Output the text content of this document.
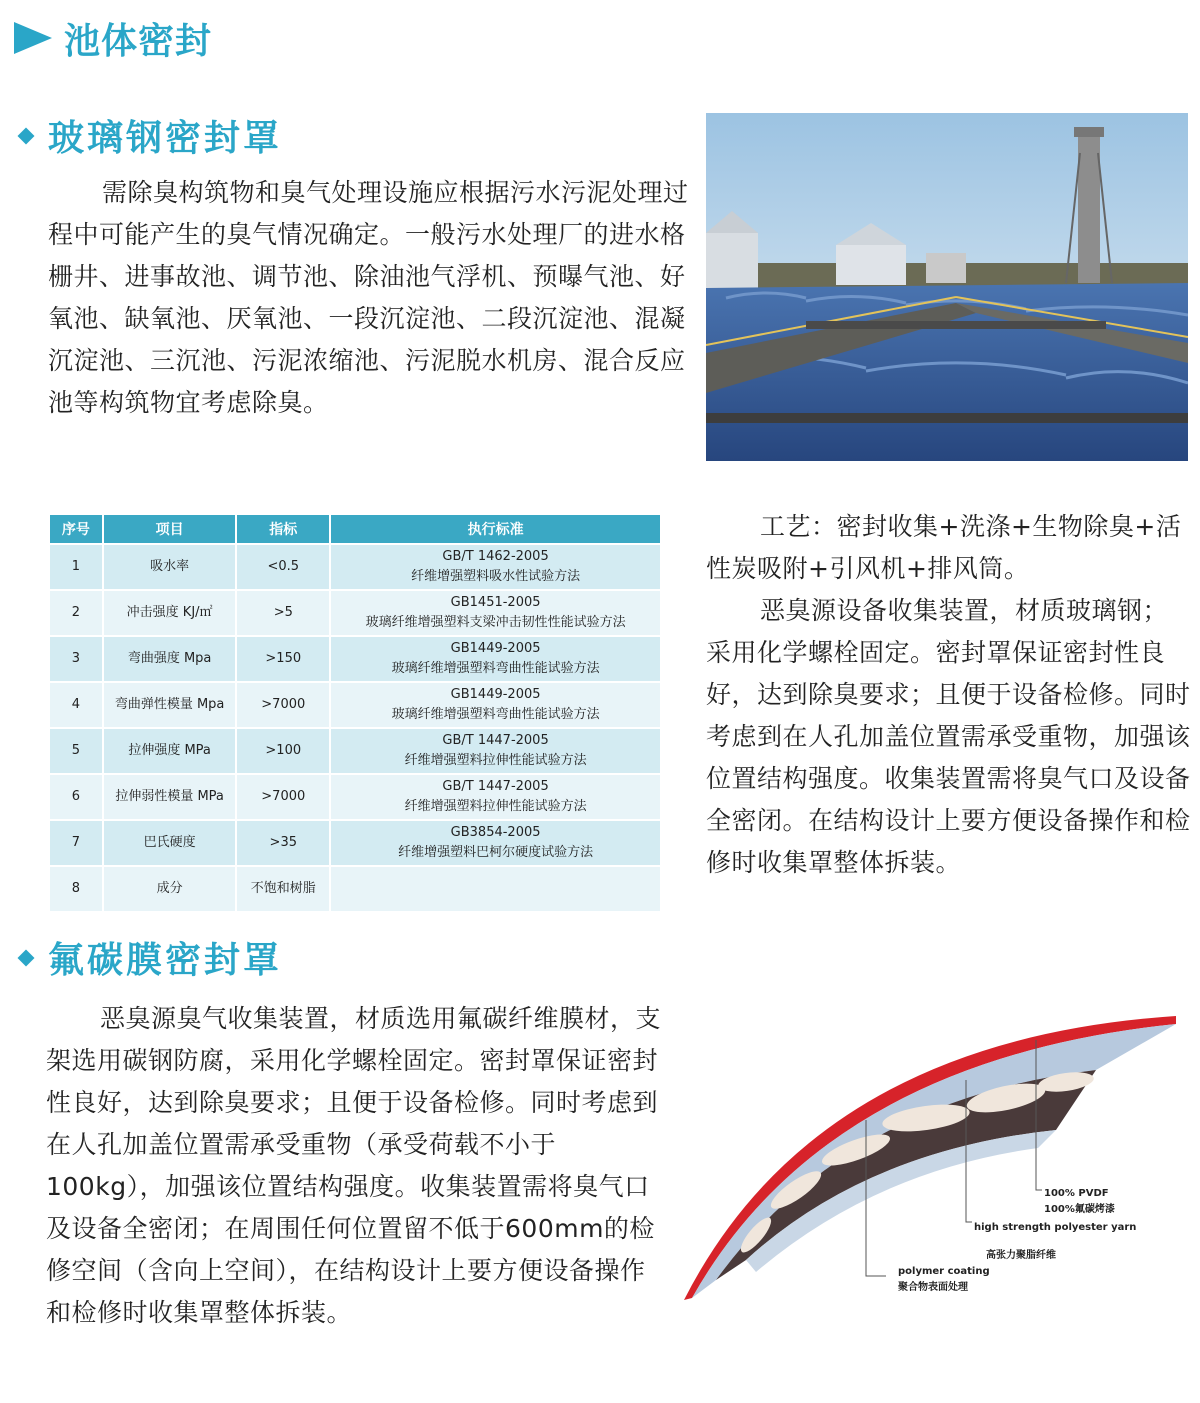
池体密封
玻璃钢密封罩

需除臭构筑物和臭气处理设施应根据污水污泥处理过程中可能产生的臭气情况确定。一般污水处理厂的进水格栅井、进事故池、调节池、除油池气浮机、预曝气池、好氧池、缺氧池、厌氧池、一段沉淀池、二段沉淀池、混凝沉淀池、三沉池、污泥浓缩池、污泥脱水机房、混合反应池等构筑物宜考虑除臭。

序号	项目	指标	执行标准
1	吸水率	<0.5	GB/T 1462-2005
纤维增强塑料吸水性试验方法

2	冲击强度 KJ/㎡	>5	GB1451-2005
玻璃纤维增强塑料支梁冲击韧性性能试验方法

3	弯曲强度 Mpa	>150	GB1449-2005
玻璃纤维增强塑料弯曲性能试验方法

4	弯曲弹性模量 Mpa	>7000	GB1449-2005
玻璃纤维增强塑料弯曲性能试验方法

5	拉伸强度 MPa	>100	GB/T 1447-2005
纤维增强塑料拉伸性能试验方法

6	拉伸弱性模量 MPa	>7000	GB/T 1447-2005
纤维增强塑料拉伸性能试验方法

7	巴氏硬度	>35	GB3854-2005
纤维增强塑料巴柯尔硬度试验方法

8	成分	不饱和树脂	

工艺：密封收集+洗涤+生物除臭+活性炭吸附+引风机+排风筒。

恶臭源设备收集装置，材质玻璃钢；采用化学螺栓固定。密封罩保证密封性良好，达到除臭要求；且便于设备检修。同时考虑到在人孔加盖位置需承受重物，加强该位置结构强度。收集装置需将臭气口及设备全密闭。在结构设计上要方便设备操作和检修时收集罩整体拆装。

氟碳膜密封罩

恶臭源臭气收集装置，材质选用氟碳纤维膜材，支架选用碳钢防腐，采用化学螺栓固定。密封罩保证密封性良好，达到除臭要求；且便于设备检修。同时考虑到在人孔加盖位置需承受重物（承受荷载不小于100kg），加强该位置结构强度。收集装置需将臭气口及设备全密闭；在周围任何位置留不低于600mm的检修空间（含向上空间），在结构设计上要方便设备操作和检修时收集罩整体拆装。

100% PVDF
100%氟碳烤漆
high strength polyester yarn
高张力聚脂纤维
polymer coating
聚合物表面处理
